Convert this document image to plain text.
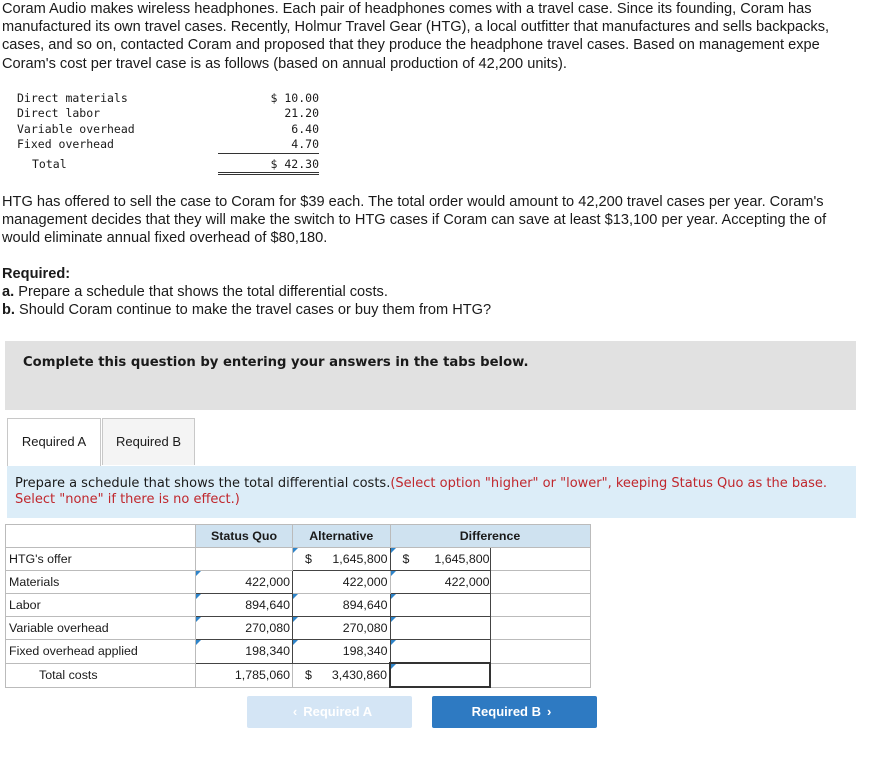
Coram Audio makes wireless headphones. Each pair of headphones comes with a travel case. Since its founding, Coram has

manufactured its own travel cases. Recently, Holmur Travel Gear (HTG), a local outfitter that manufactures and sells backpacks,

cases, and so on, contacted Coram and proposed that they produce the headphone travel cases. Based on management expe

Coram's cost per travel case is as follows (based on annual production of 42,200 units).

Direct materials	$ 10.00
Direct labor	21.20
Variable overhead	6.40
Fixed overhead	4.70
Total	$ 42.30

HTG has offered to sell the case to Coram for $39 each. The total order would amount to 42,200 travel cases per year. Coram's

management decides that they will make the switch to HTG cases if Coram can save at least $13,100 per year. Accepting the of

would eliminate annual fixed overhead of $80,180.

Required:

a. Prepare a schedule that shows the total differential costs.

b. Should Coram continue to make the travel cases or buy them from HTG?

Complete this question by entering your answers in the tabs below.
Required A	Required B

Prepare a schedule that shows the total differential costs.(Select option "higher" or "lower", keeping Status Quo as the base. Select "none" if there is no effect.)

	Status Quo	Alternative	Difference	
HTG's offer		$ 1,645,800	$ 1,645,800	
Materials	422,000	422,000	422,000	
Labor	894,640	894,640		
Variable overhead	270,080	270,080		
Fixed overhead applied	198,340	198,340		
Total costs	1,785,060	$ 3,430,860		
‹ Required A	Required B ›
